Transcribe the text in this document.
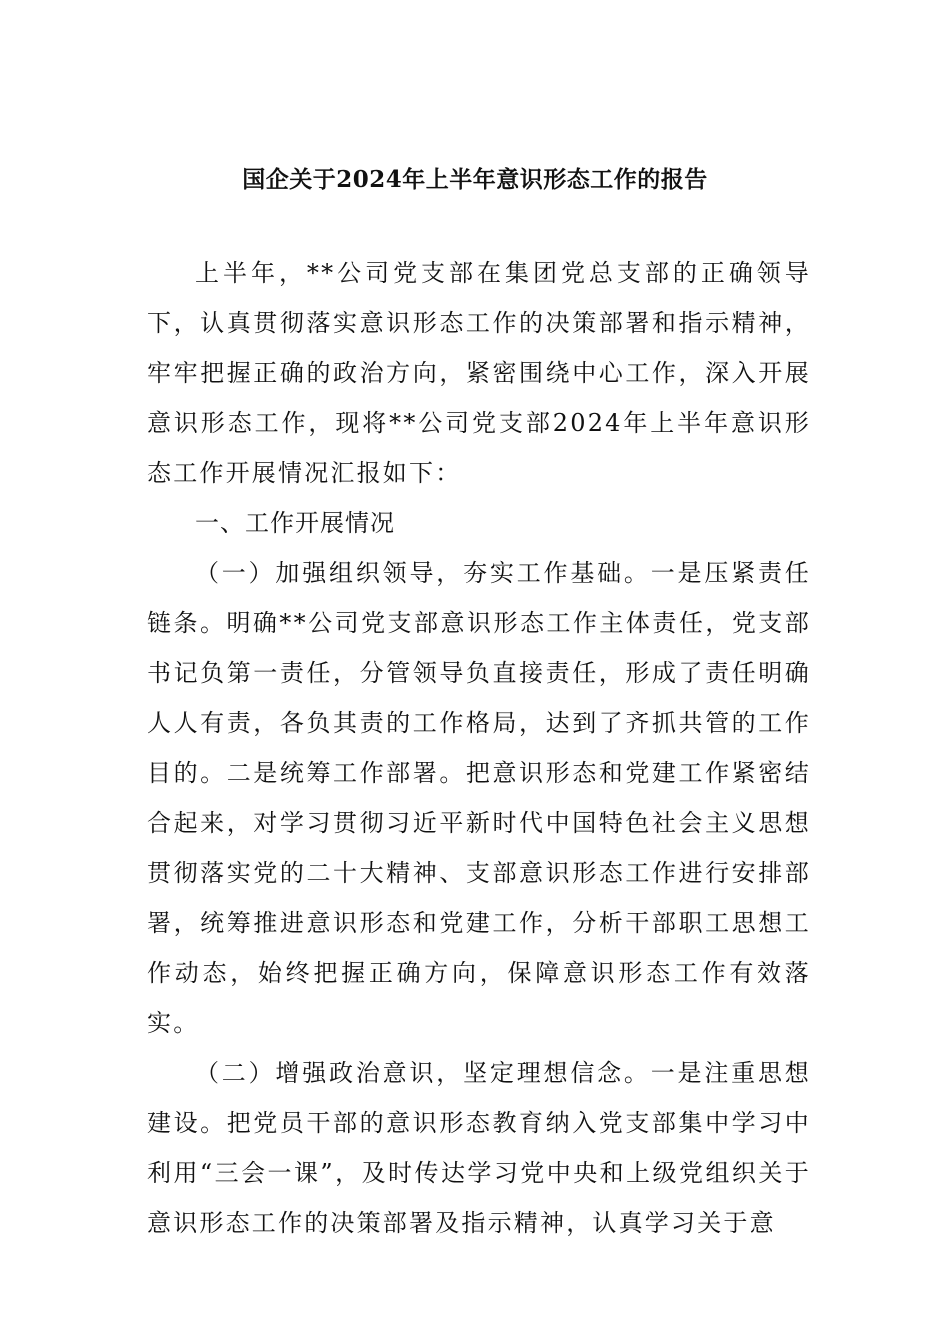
国企关于2024年上半年意识形态工作的报告

上半年，**公司党支部在集团党总支部的正确领导下，认真贯彻落实意识形态工作的决策部署和指示精神，牢牢把握正确的政治方向，紧密围绕中心工作，深入开展意识形态工作，现将**公司党支部2024年上半年意识形态工作开展情况汇报如下：

一、工作开展情况

（一）加强组织领导，夯实工作基础。一是压紧责任链条。明确**公司党支部意识形态工作主体责任，党支部书记负第一责任，分管领导负直接责任，形成了责任明确人人有责，各负其责的工作格局，达到了齐抓共管的工作目的。二是统筹工作部署。把意识形态和党建工作紧密结合起来，对学习贯彻习近平新时代中国特色社会主义思想贯彻落实党的二十大精神、支部意识形态工作进行安排部署，统筹推进意识形态和党建工作，分析干部职工思想工作动态，始终把握正确方向，保障意识形态工作有效落实。

（二）增强政治意识，坚定理想信念。一是注重思想建设。把党员干部的意识形态教育纳入党支部集中学习中利用“三会一课”，及时传达学习党中央和上级党组织关于意识形态工作的决策部署及指示精神，认真学习关于意
